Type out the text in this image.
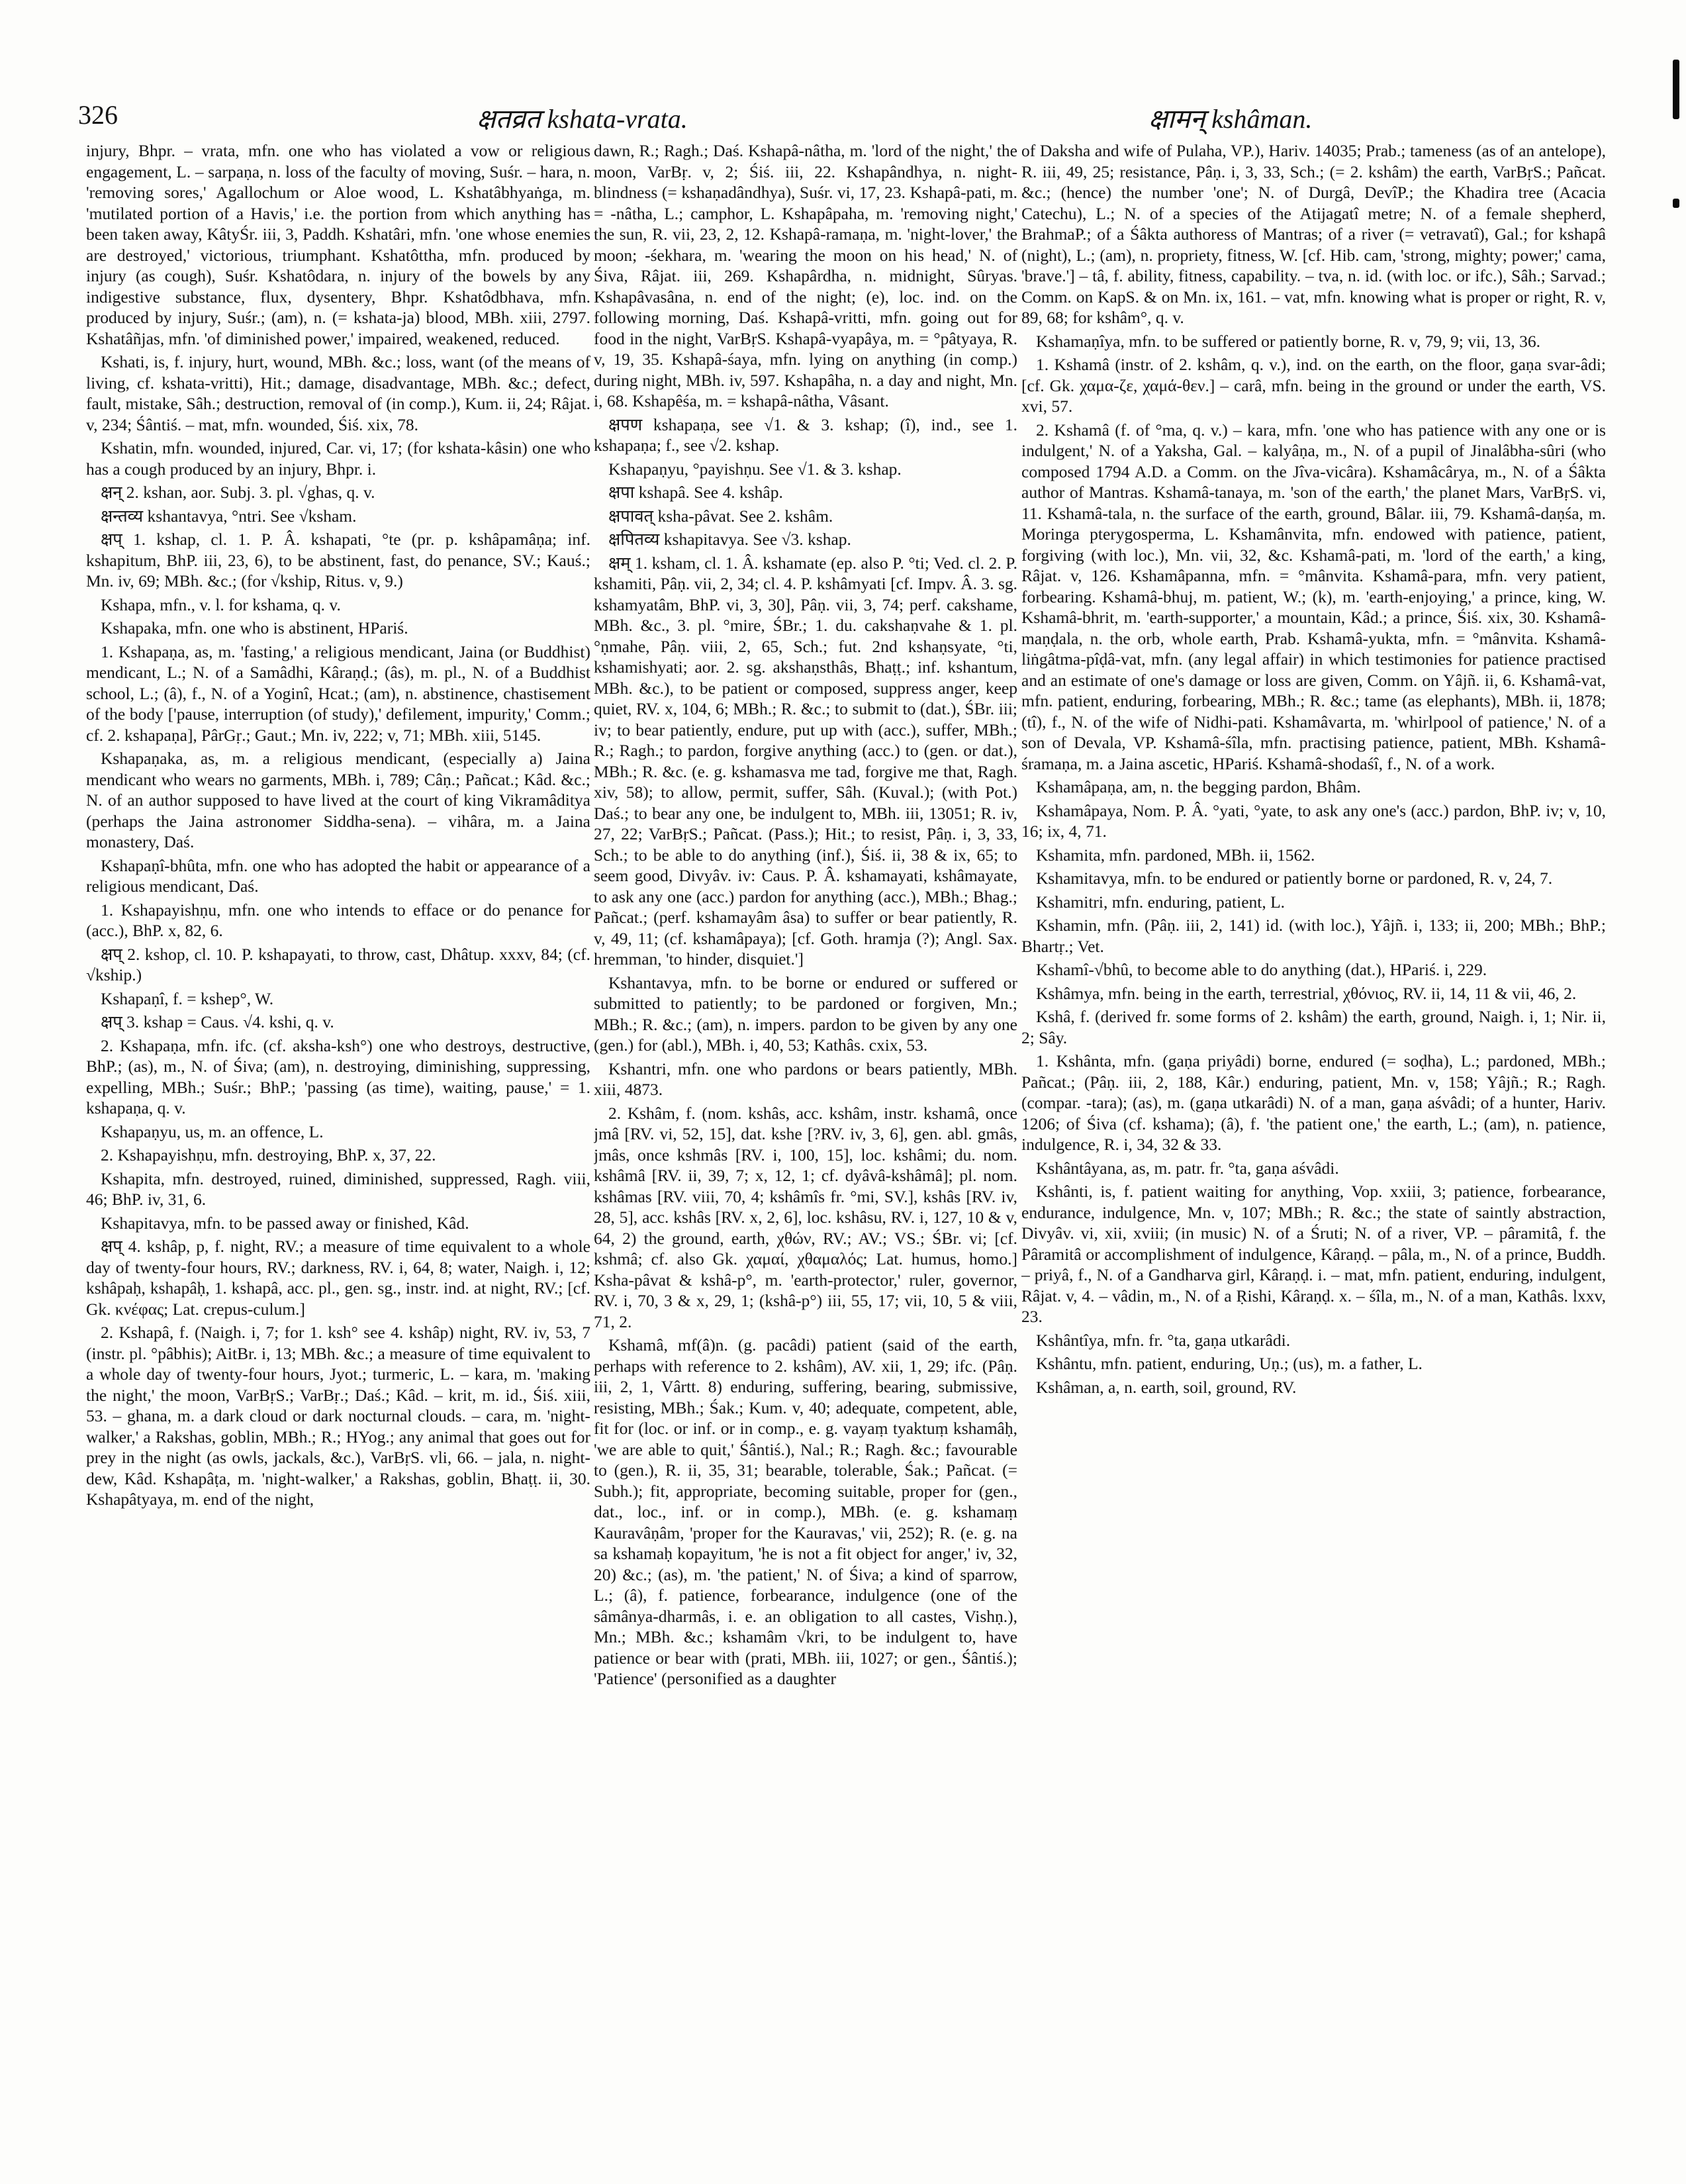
326	क्षतव्रत kshata-vrata.	क्षामन् kshâman.

injury, Bhpr. – vrata, mfn. one who has violated a vow or religious engagement, L. – sarpaṇa, n. loss of the faculty of moving, Suśr. – hara, n. 'removing sores,' Agallochum or Aloe wood, L. Kshatâbhyaṅga, m. 'mutilated portion of a Havis,' i.e. the portion from which anything has been taken away, KâtyŚr. iii, 3, Paddh. Kshatâri, mfn. 'one whose enemies are destroyed,' victorious, triumphant. Kshatôttha, mfn. produced by injury (as cough), Suśr. Kshatôdara, n. injury of the bowels by any indigestive substance, flux, dysentery, Bhpr. Kshatôdbhava, mfn. produced by injury, Suśr.; (am), n. (= kshata-ja) blood, MBh. xiii, 2797. Kshatâñjas, mfn. 'of diminished power,' impaired, weakened, reduced.

Kshati, is, f. injury, hurt, wound, MBh. &c.; loss, want (of the means of living, cf. kshata-vritti), Hit.; damage, disadvantage, MBh. &c.; defect, fault, mistake, Sâh.; destruction, removal of (in comp.), Kum. ii, 24; Râjat. v, 234; Śântiś. – mat, mfn. wounded, Śiś. xix, 78.

Kshatin, mfn. wounded, injured, Car. vi, 17; (for kshata-kâsin) one who has a cough produced by an injury, Bhpr. i.

क्षन् 2. kshan, aor. Subj. 3. pl. √ghas, q. v.

क्षन्तव्य kshantavya, °ntri. See √ksham.

क्षप् 1. kshap, cl. 1. P. Â. kshapati, °te (pr. p. kshâpamâṇa; inf. kshapitum, BhP. iii, 23, 6), to be abstinent, fast, do penance, SV.; Kauś.; Mn. iv, 69; MBh. &c.; (for √kship, Ritus. v, 9.)

Kshapa, mfn., v. l. for kshama, q. v.

Kshapaka, mfn. one who is abstinent, HPariś.

1. Kshapaṇa, as, m. 'fasting,' a religious mendicant, Jaina (or Buddhist) mendicant, L.; N. of a Samâdhi, Kâraṇḍ.; (âs), m. pl., N. of a Buddhist school, L.; (â), f., N. of a Yoginî, Hcat.; (am), n. abstinence, chastisement of the body ['pause, interruption (of study),' defilement, impurity,' Comm.; cf. 2. kshapaṇa], PârGṛ.; Gaut.; Mn. iv, 222; v, 71; MBh. xiii, 5145.

Kshapaṇaka, as, m. a religious mendicant, (especially a) Jaina mendicant who wears no garments, MBh. i, 789; Câṇ.; Pañcat.; Kâd. &c.; N. of an author supposed to have lived at the court of king Vikramâditya (perhaps the Jaina astronomer Siddha-sena). – vihâra, m. a Jaina monastery, Daś.

Kshapaṇî-bhûta, mfn. one who has adopted the habit or appearance of a religious mendicant, Daś.

1. Kshapayishṇu, mfn. one who intends to efface or do penance for (acc.), BhP. x, 82, 6.

क्षप् 2. kshop, cl. 10. P. kshapayati, to throw, cast, Dhâtup. xxxv, 84; (cf. √kship.)

Kshapaṇî, f. = kshep°, W.

क्षप् 3. kshap = Caus. √4. kshi, q. v.

2. Kshapaṇa, mfn. ifc. (cf. aksha-ksh°) one who destroys, destructive, BhP.; (as), m., N. of Śiva; (am), n. destroying, diminishing, suppressing, expelling, MBh.; Suśr.; BhP.; 'passing (as time), waiting, pause,' = 1. kshapaṇa, q. v.

Kshapaṇyu, us, m. an offence, L.

2. Kshapayishṇu, mfn. destroying, BhP. x, 37, 22.

Kshapita, mfn. destroyed, ruined, diminished, suppressed, Ragh. viii, 46; BhP. iv, 31, 6.

Kshapitavya, mfn. to be passed away or finished, Kâd.

क्षप् 4. kshâp, p, f. night, RV.; a measure of time equivalent to a whole day of twenty-four hours, RV.; darkness, RV. i, 64, 8; water, Naigh. i, 12; kshâpaḥ, kshapâḥ, 1. kshapâ, acc. pl., gen. sg., instr. ind. at night, RV.; [cf. Gk. κνέφας; Lat. crepus-culum.]

2. Kshapâ, f. (Naigh. i, 7; for 1. ksh° see 4. kshâp) night, RV. iv, 53, 7 (instr. pl. °pâbhis); AitBr. i, 13; MBh. &c.; a measure of time equivalent to a whole day of twenty-four hours, Jyot.; turmeric, L. – kara, m. 'making the night,' the moon, VarBṛS.; VarBṛ.; Daś.; Kâd. – krit, m. id., Śiś. xiii, 53. – ghana, m. a dark cloud or dark nocturnal clouds. – cara, m. 'night-walker,' a Rakshas, goblin, MBh.; R.; HYog.; any animal that goes out for prey in the night (as owls, jackals, &c.), VarBṛS. vli, 66. – jala, n. night-dew, Kâd. Kshapâṭa, m. 'night-walker,' a Rakshas, goblin, Bhaṭṭ. ii, 30. Kshapâtyaya, m. end of the night,

dawn, R.; Ragh.; Daś. Kshapâ-nâtha, m. 'lord of the night,' the moon, VarBṛ. v, 2; Śiś. iii, 22. Kshapândhya, n. night-blindness (= kshaṇadândhya), Suśr. vi, 17, 23. Kshapâ-pati, m. = -nâtha, L.; camphor, L. Kshapâpaha, m. 'removing night,' the sun, R. vii, 23, 2, 12. Kshapâ-ramaṇa, m. 'night-lover,' the moon; -śekhara, m. 'wearing the moon on his head,' N. of Śiva, Râjat. iii, 269. Kshapârdha, n. midnight, Sûryas. Kshapâvasâna, n. end of the night; (e), loc. ind. on the following morning, Daś. Kshapâ-vritti, mfn. going out for food in the night, VarBṛS. Kshapâ-vyapâya, m. = °pâtyaya, R. v, 19, 35. Kshapâ-śaya, mfn. lying on anything (in comp.) during night, MBh. iv, 597. Kshapâha, n. a day and night, Mn. i, 68. Kshapêśa, m. = kshapâ-nâtha, Vâsant.

क्षपण kshapaṇa, see √1. & 3. kshap; (î), ind., see 1. kshapaṇa; f., see √2. kshap.

Kshapaṇyu, °payishṇu. See √1. & 3. kshap.

क्षपा kshapâ. See 4. kshâp.

क्षपावत् ksha-pâvat. See 2. kshâm.

क्षपितव्य kshapitavya. See √3. kshap.

क्षम् 1. ksham, cl. 1. Â. kshamate (ep. also P. °ti; Ved. cl. 2. P. kshamiti, Pâṇ. vii, 2, 34; cl. 4. P. kshâmyati [cf. Impv. Â. 3. sg. kshamyatâm, BhP. vi, 3, 30], Pâṇ. vii, 3, 74; perf. cakshame, MBh. &c., 3. pl. °mire, ŚBr.; 1. du. cakshaṇvahe & 1. pl. °ṇmahe, Pâṇ. viii, 2, 65, Sch.; fut. 2nd kshaṇsyate, °ti, kshamishyati; aor. 2. sg. akshaṇsthâs, Bhaṭṭ.; inf. kshantum, MBh. &c.), to be patient or composed, suppress anger, keep quiet, RV. x, 104, 6; MBh.; R. &c.; to submit to (dat.), ŚBr. iii; iv; to bear patiently, endure, put up with (acc.), suffer, MBh.; R.; Ragh.; to pardon, forgive anything (acc.) to (gen. or dat.), MBh.; R. &c. (e. g. kshamasva me tad, forgive me that, Ragh. xiv, 58); to allow, permit, suffer, Sâh. (Kuval.); (with Pot.) Daś.; to bear any one, be indulgent to, MBh. iii, 13051; R. iv, 27, 22; VarBṛS.; Pañcat. (Pass.); Hit.; to resist, Pâṇ. i, 3, 33, Sch.; to be able to do anything (inf.), Śiś. ii, 38 & ix, 65; to seem good, Divyâv. iv: Caus. P. Â. kshamayati, kshâmayate, to ask any one (acc.) pardon for anything (acc.), MBh.; Bhag.; Pañcat.; (perf. kshamayâm âsa) to suffer or bear patiently, R. v, 49, 11; (cf. kshamâpaya); [cf. Goth. hramja (?); Angl. Sax. hremman, 'to hinder, disquiet.']

Kshantavya, mfn. to be borne or endured or suffered or submitted to patiently; to be pardoned or forgiven, Mn.; MBh.; R. &c.; (am), n. impers. pardon to be given by any one (gen.) for (abl.), MBh. i, 40, 53; Kathâs. cxix, 53.

Kshantri, mfn. one who pardons or bears patiently, MBh. xiii, 4873.

2. Kshâm, f. (nom. kshâs, acc. kshâm, instr. kshamâ, once jmâ [RV. vi, 52, 15], dat. kshe [?RV. iv, 3, 6], gen. abl. gmâs, jmâs, once kshmâs [RV. i, 100, 15], loc. kshâmi; du. nom. kshâmâ [RV. ii, 39, 7; x, 12, 1; cf. dyâvâ-kshâmâ]; pl. nom. kshâmas [RV. viii, 70, 4; kshâmîs fr. °mi, SV.], kshâs [RV. iv, 28, 5], acc. kshâs [RV. x, 2, 6], loc. kshâsu, RV. i, 127, 10 & v, 64, 2) the ground, earth, χθών, RV.; AV.; VS.; ŚBr. vi; [cf. kshmâ; cf. also Gk. χαμαί, χθαμαλός; Lat. humus, homo.] Ksha-pâvat & kshâ-p°, m. 'earth-protector,' ruler, governor, RV. i, 70, 3 & x, 29, 1; (kshâ-p°) iii, 55, 17; vii, 10, 5 & viii, 71, 2.

Kshamâ, mf(â)n. (g. pacâdi) patient (said of the earth, perhaps with reference to 2. kshâm), AV. xii, 1, 29; ifc. (Pâṇ. iii, 2, 1, Vârtt. 8) enduring, suffering, bearing, submissive, resisting, MBh.; Śak.; Kum. v, 40; adequate, competent, able, fit for (loc. or inf. or in comp., e. g. vayaṃ tyaktuṃ kshamâḥ, 'we are able to quit,' Śântiś.), Nal.; R.; Ragh. &c.; favourable to (gen.), R. ii, 35, 31; bearable, tolerable, Śak.; Pañcat. (= Subh.); fit, appropriate, becoming suitable, proper for (gen., dat., loc., inf. or in comp.), MBh. (e. g. kshamaṃ Kauravâṇâm, 'proper for the Kauravas,' vii, 252); R. (e. g. na sa kshamaḥ kopayitum, 'he is not a fit object for anger,' iv, 32, 20) &c.; (as), m. 'the patient,' N. of Śiva; a kind of sparrow, L.; (â), f. patience, forbearance, indulgence (one of the sâmânya-dharmâs, i. e. an obligation to all castes, Vishṇ.), Mn.; MBh. &c.; kshamâm √kri, to be indulgent to, have patience or bear with (prati, MBh. iii, 1027; or gen., Śântiś.); 'Patience' (personified as a daughter

of Daksha and wife of Pulaha, VP.), Hariv. 14035; Prab.; tameness (as of an antelope), R. iii, 49, 25; resistance, Pâṇ. i, 3, 33, Sch.; (= 2. kshâm) the earth, VarBṛS.; Pañcat. &c.; (hence) the number 'one'; N. of Durgâ, DevîP.; the Khadira tree (Acacia Catechu), L.; N. of a species of the Atijagatî metre; N. of a female shepherd, BrahmaP.; of a Śâkta authoress of Mantras; of a river (= vetravatî), Gal.; for kshapâ (night), L.; (am), n. propriety, fitness, W. [cf. Hib. cam, 'strong, mighty; power;' cama, 'brave.'] – tâ, f. ability, fitness, capability. – tva, n. id. (with loc. or ifc.), Sâh.; Sarvad.; Comm. on KapS. & on Mn. ix, 161. – vat, mfn. knowing what is proper or right, R. v, 89, 68; for kshâm°, q. v.

Kshamaṇîya, mfn. to be suffered or patiently borne, R. v, 79, 9; vii, 13, 36.

1. Kshamâ (instr. of 2. kshâm, q. v.), ind. on the earth, on the floor, gaṇa svar-âdi; [cf. Gk. χαμα-ζε, χαμά-θεν.] – carâ, mfn. being in the ground or under the earth, VS. xvi, 57.

2. Kshamâ (f. of °ma, q. v.) – kara, mfn. 'one who has patience with any one or is indulgent,' N. of a Yaksha, Gal. – kalyâṇa, m., N. of a pupil of Jinalâbha-sûri (who composed 1794 A.D. a Comm. on the Jîva-vicâra). Kshamâcârya, m., N. of a Śâkta author of Mantras. Kshamâ-tanaya, m. 'son of the earth,' the planet Mars, VarBṛS. vi, 11. Kshamâ-tala, n. the surface of the earth, ground, Bâlar. iii, 79. Kshamâ-daṇśa, m. Moringa pterygosperma, L. Kshamânvita, mfn. endowed with patience, patient, forgiving (with loc.), Mn. vii, 32, &c. Kshamâ-pati, m. 'lord of the earth,' a king, Râjat. v, 126. Kshamâpanna, mfn. = °mânvita. Kshamâ-para, mfn. very patient, forbearing. Kshamâ-bhuj, m. patient, W.; (k), m. 'earth-enjoying,' a prince, king, W. Kshamâ-bhrit, m. 'earth-supporter,' a mountain, Kâd.; a prince, Śiś. xix, 30. Kshamâ-maṇḍala, n. the orb, whole earth, Prab. Kshamâ-yukta, mfn. = °mânvita. Kshamâ-liṅgâtma-pîḍâ-vat, mfn. (any legal affair) in which testimonies for patience practised and an estimate of one's damage or loss are given, Comm. on Yâjñ. ii, 6. Kshamâ-vat, mfn. patient, enduring, forbearing, MBh.; R. &c.; tame (as elephants), MBh. ii, 1878; (tî), f., N. of the wife of Nidhi-pati. Kshamâvarta, m. 'whirlpool of patience,' N. of a son of Devala, VP. Kshamâ-śîla, mfn. practising patience, patient, MBh. Kshamâ-śramaṇa, m. a Jaina ascetic, HPariś. Kshamâ-shodaśî, f., N. of a work.

Kshamâpaṇa, am, n. the begging pardon, Bhâm.

Kshamâpaya, Nom. P. Â. °yati, °yate, to ask any one's (acc.) pardon, BhP. iv; v, 10, 16; ix, 4, 71.

Kshamita, mfn. pardoned, MBh. ii, 1562.

Kshamitavya, mfn. to be endured or patiently borne or pardoned, R. v, 24, 7.

Kshamitri, mfn. enduring, patient, L.

Kshamin, mfn. (Pâṇ. iii, 2, 141) id. (with loc.), Yâjñ. i, 133; ii, 200; MBh.; BhP.; Bhartṛ.; Vet.

Kshamî-√bhû, to become able to do anything (dat.), HPariś. i, 229.

Kshâmya, mfn. being in the earth, terrestrial, χθόνιος, RV. ii, 14, 11 & vii, 46, 2.

Kshâ, f. (derived fr. some forms of 2. kshâm) the earth, ground, Naigh. i, 1; Nir. ii, 2; Sây.

1. Kshânta, mfn. (gaṇa priyâdi) borne, endured (= soḍha), L.; pardoned, MBh.; Pañcat.; (Pâṇ. iii, 2, 188, Kâr.) enduring, patient, Mn. v, 158; Yâjñ.; R.; Ragh. (compar. -tara); (as), m. (gaṇa utkarâdi) N. of a man, gaṇa aśvâdi; of a hunter, Hariv. 1206; of Śiva (cf. kshama); (â), f. 'the patient one,' the earth, L.; (am), n. patience, indulgence, R. i, 34, 32 & 33.

Kshântâyana, as, m. patr. fr. °ta, gaṇa aśvâdi.

Kshânti, is, f. patient waiting for anything, Vop. xxiii, 3; patience, forbearance, endurance, indulgence, Mn. v, 107; MBh.; R. &c.; the state of saintly abstraction, Divyâv. vi, xii, xviii; (in music) N. of a Śruti; N. of a river, VP. – pâramitâ, f. the Pâramitâ or accomplishment of indulgence, Kâraṇḍ. – pâla, m., N. of a prince, Buddh. – priyâ, f., N. of a Gandharva girl, Kâraṇḍ. i. – mat, mfn. patient, enduring, indulgent, Râjat. v, 4. – vâdin, m., N. of a Ṛishi, Kâraṇḍ. x. – śîla, m., N. of a man, Kathâs. lxxv, 23.

Kshântîya, mfn. fr. °ta, gaṇa utkarâdi.

Kshântu, mfn. patient, enduring, Uṇ.; (us), m. a father, L.

Kshâman, a, n. earth, soil, ground, RV.
